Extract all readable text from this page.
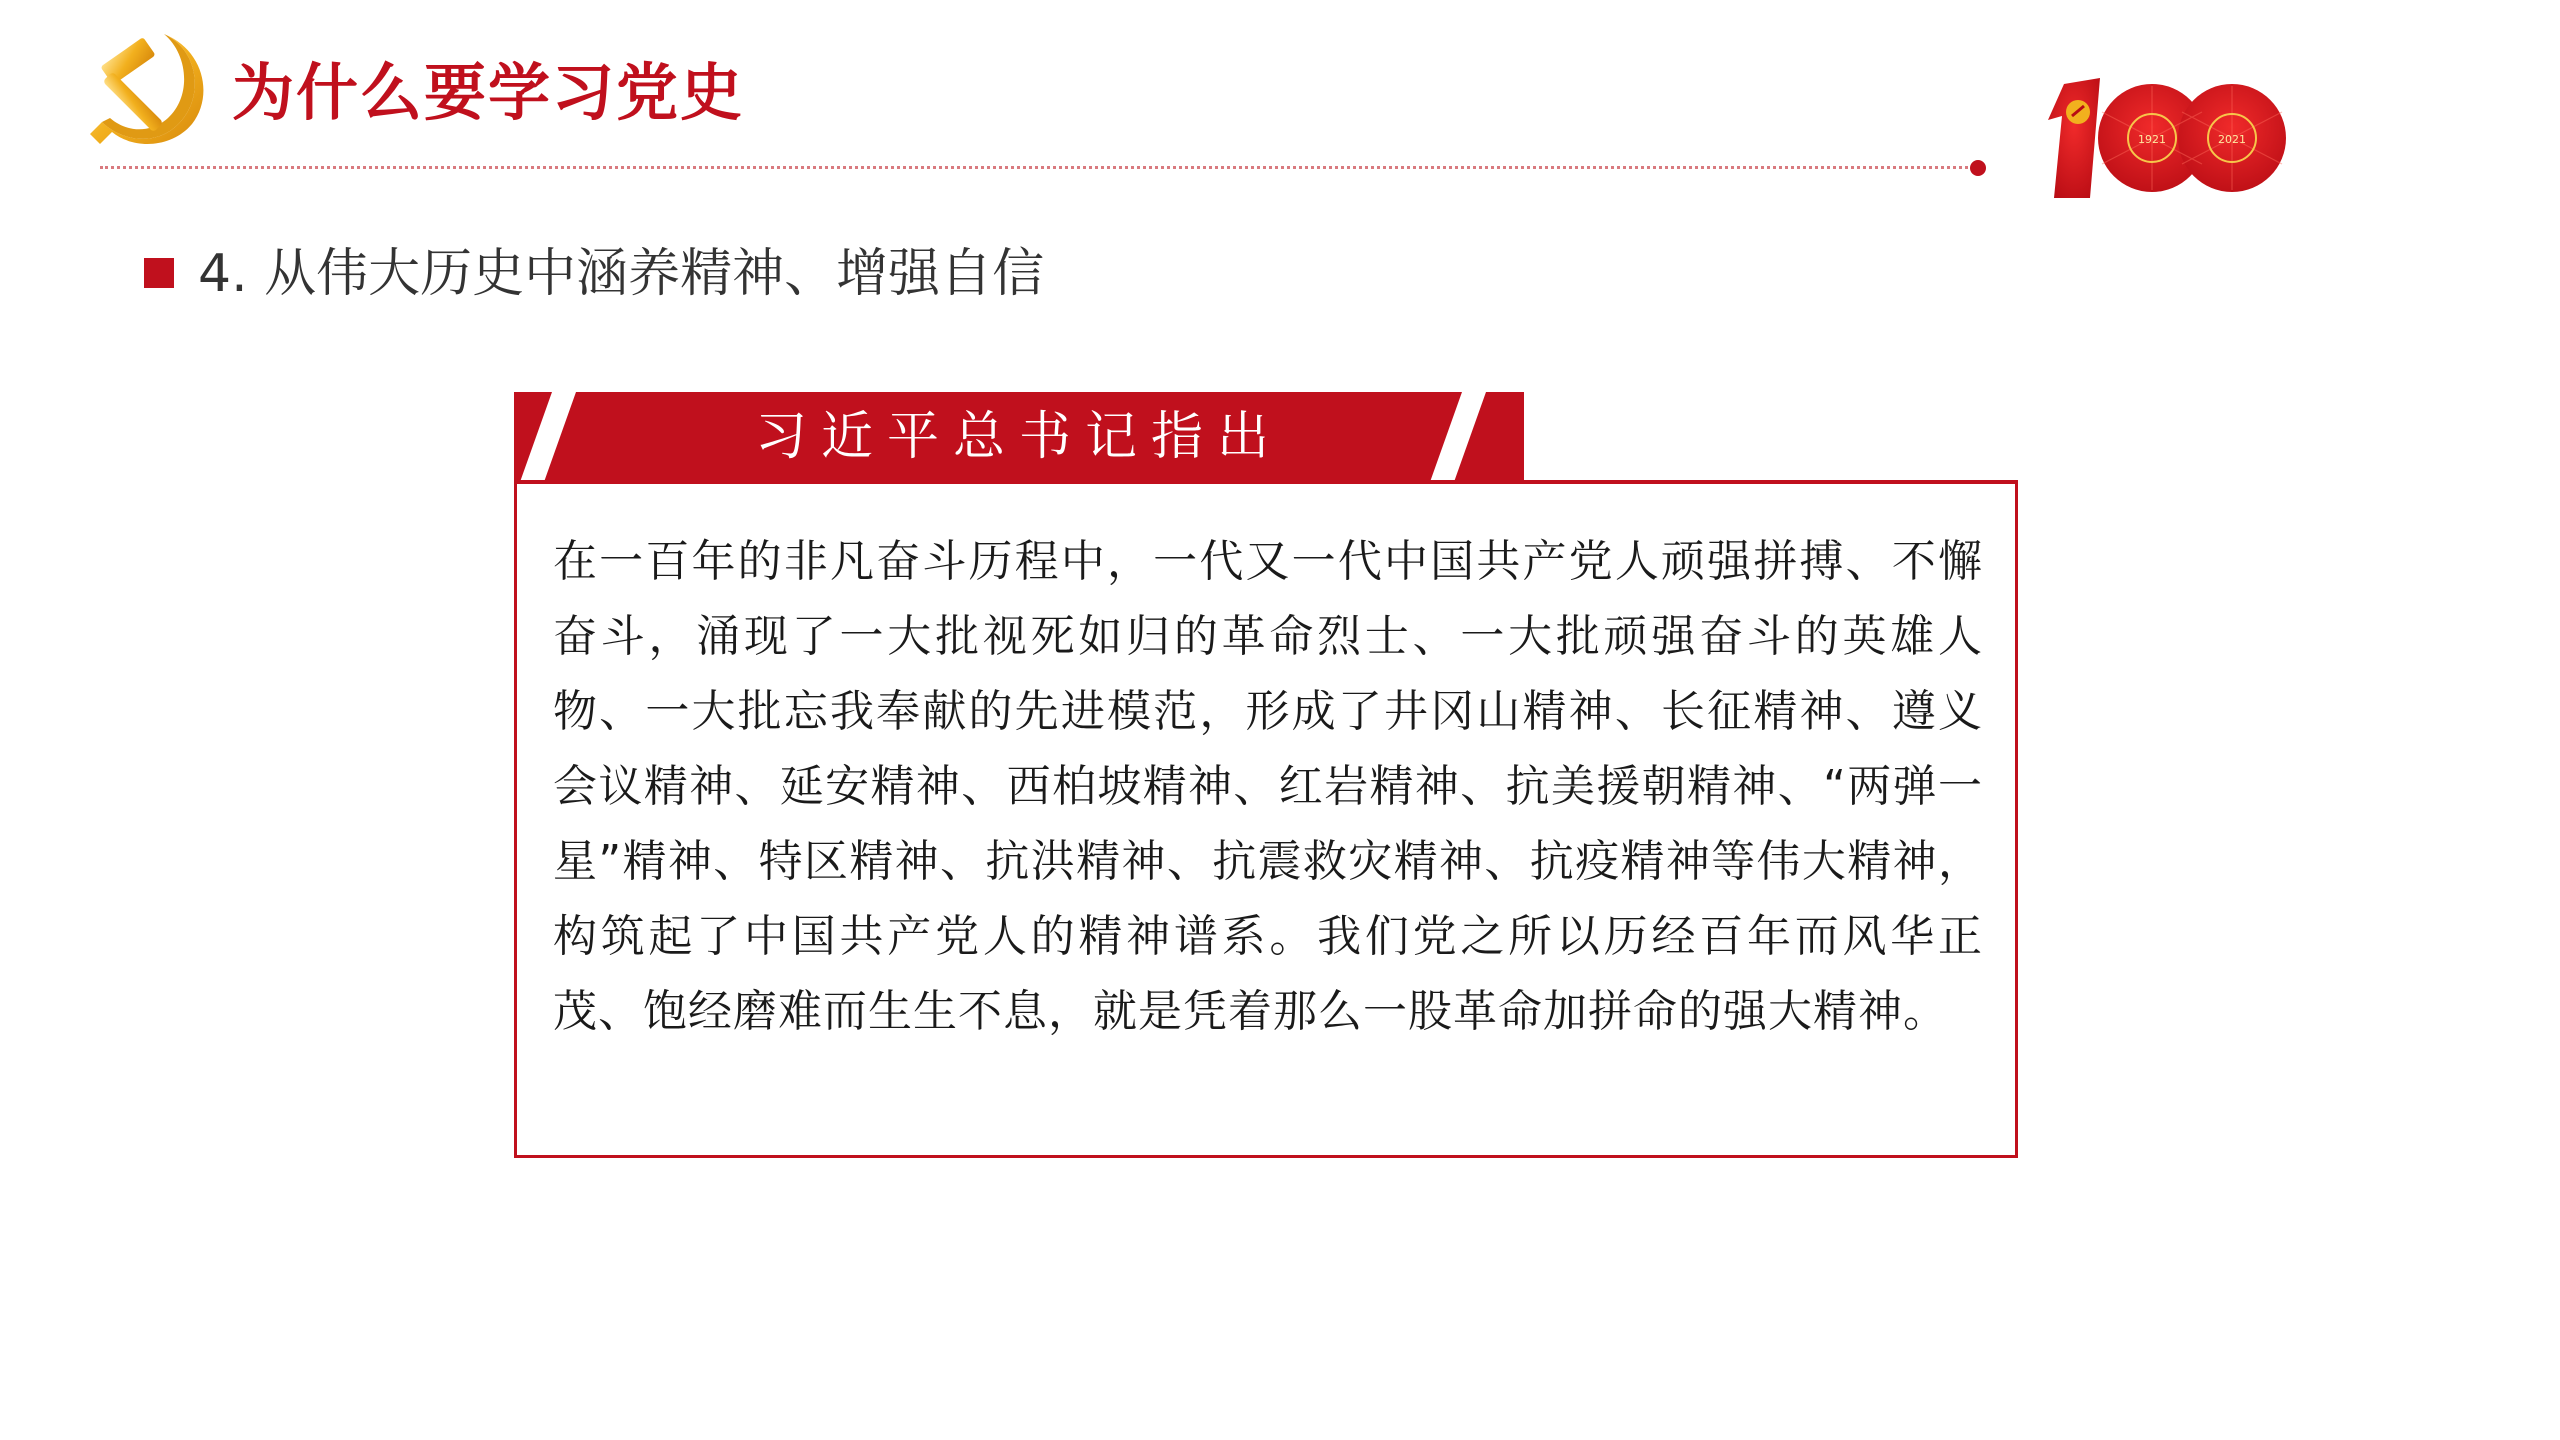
为什么要学习党史
1921	2021
4. 从伟大历史中涵养精神、增强自信
习近平总书记指出

在一百年的非凡奋斗历程中，一代又一代中国共产党人顽强拼搏、不懈奋斗，涌现了一大批视死如归的革命烈士、一大批顽强奋斗的英雄人物、一大批忘我奉献的先进模范，形成了井冈山精神、长征精神、遵义会议精神、延安精神、西柏坡精神、红岩精神、抗美援朝精神、“两弹一星”精神、特区精神、抗洪精神、抗震救灾精神、抗疫精神等伟大精神，构筑起了中国共产党人的精神谱系。我们党之所以历经百年而风华正茂、饱经磨难而生生不息，就是凭着那么一股革命加拼命的强大精神。
